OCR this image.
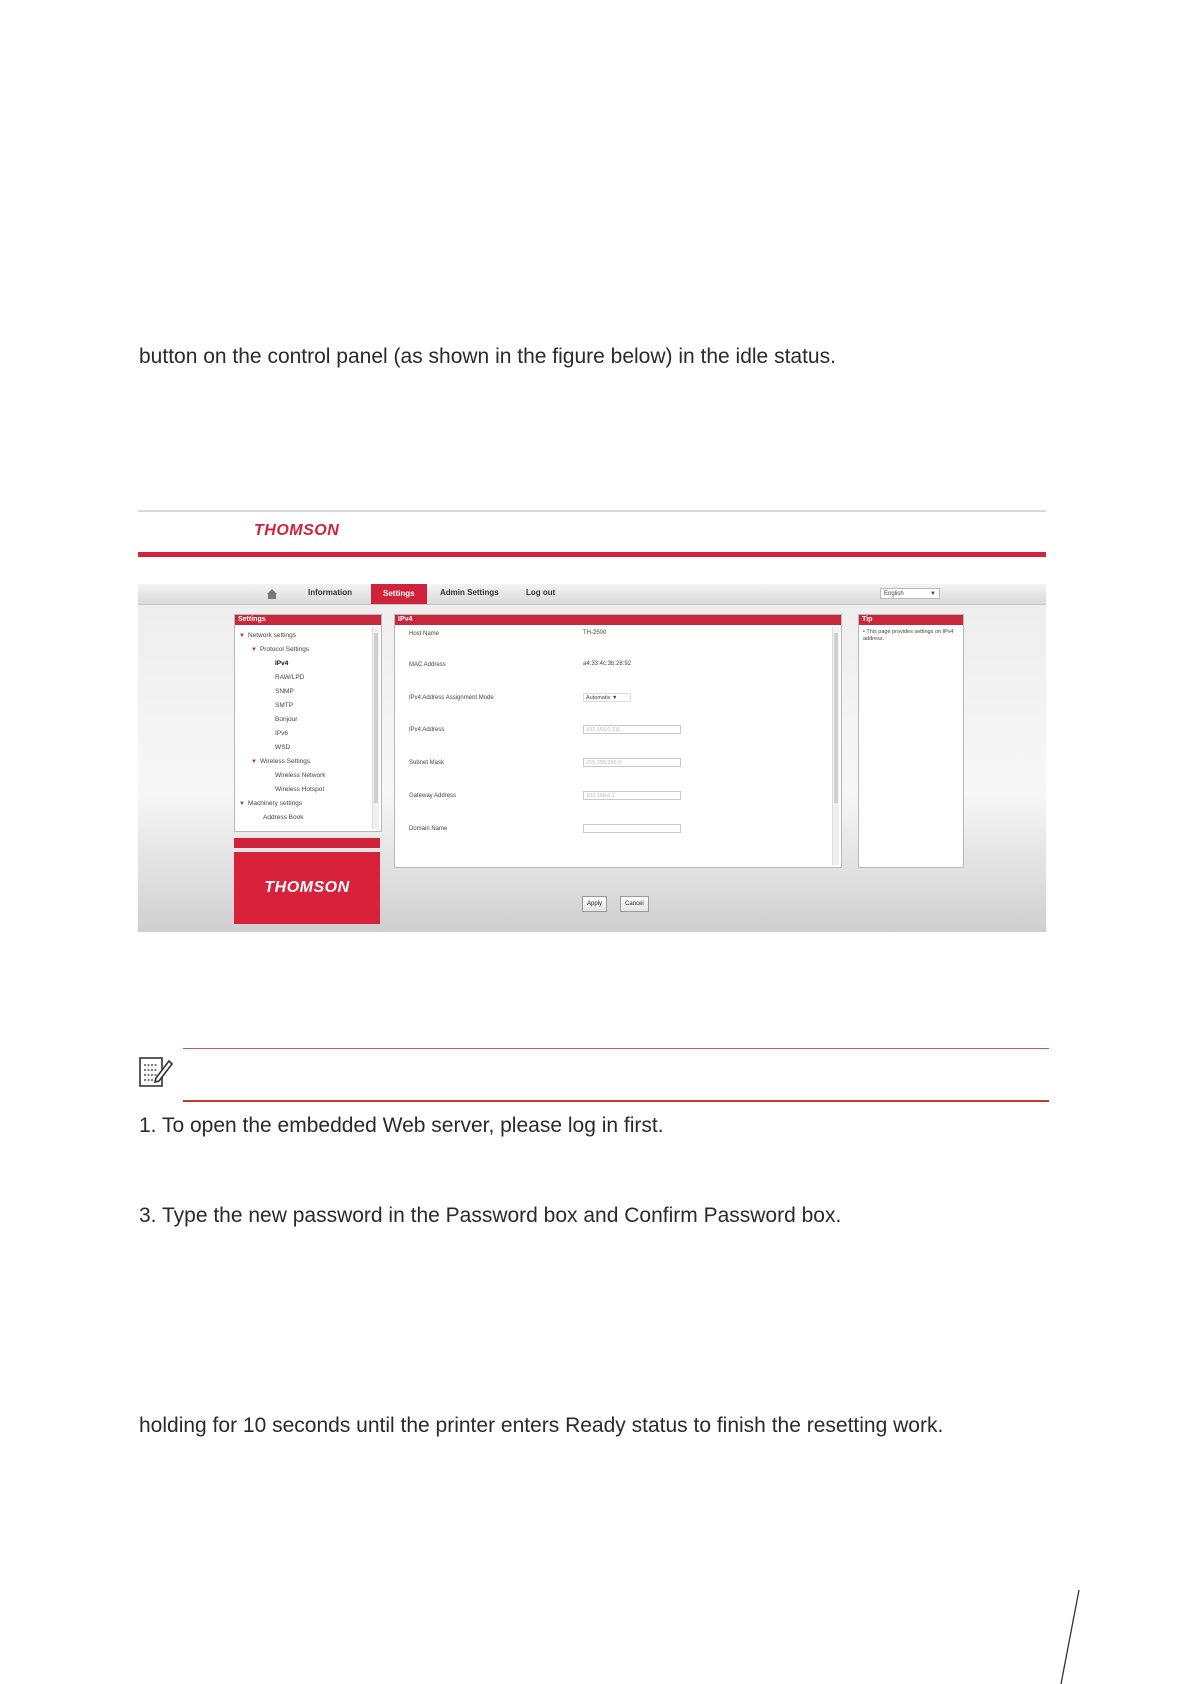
button on the control panel (as shown in the figure below) in the idle status.
THOMSON
Information	Settings	Admin Settings	Log out	English	▼
Settings
▼ Network settings
▼ Protocol Settings
IPv4
RAW/LPD
SNMP
SMTP
Bonjour
IPv6
WSD
▼ Wireless Settings
Wireless Network
Wireless Hotspot
▼ Machinery settings
Address Book
THOMSON
IPv4
Host Name	TH-2500
MAC Address	a4:33:4c:3b:28:92
IPv4 Address Assignment Mode	Automatic ▼
IPv4 Address	192.168.0.111
Subnet Mask	255.255.255.0
Gateway Address	192.168.0.1
Domain Name
Tip
• This page provides settings on IPv4 address.
Apply	Cancel
1. To open the embedded Web server, please log in first.
3. Type the new password in the Password box and Confirm Password box.
holding for 10 seconds until the printer enters Ready status to finish the resetting work.
